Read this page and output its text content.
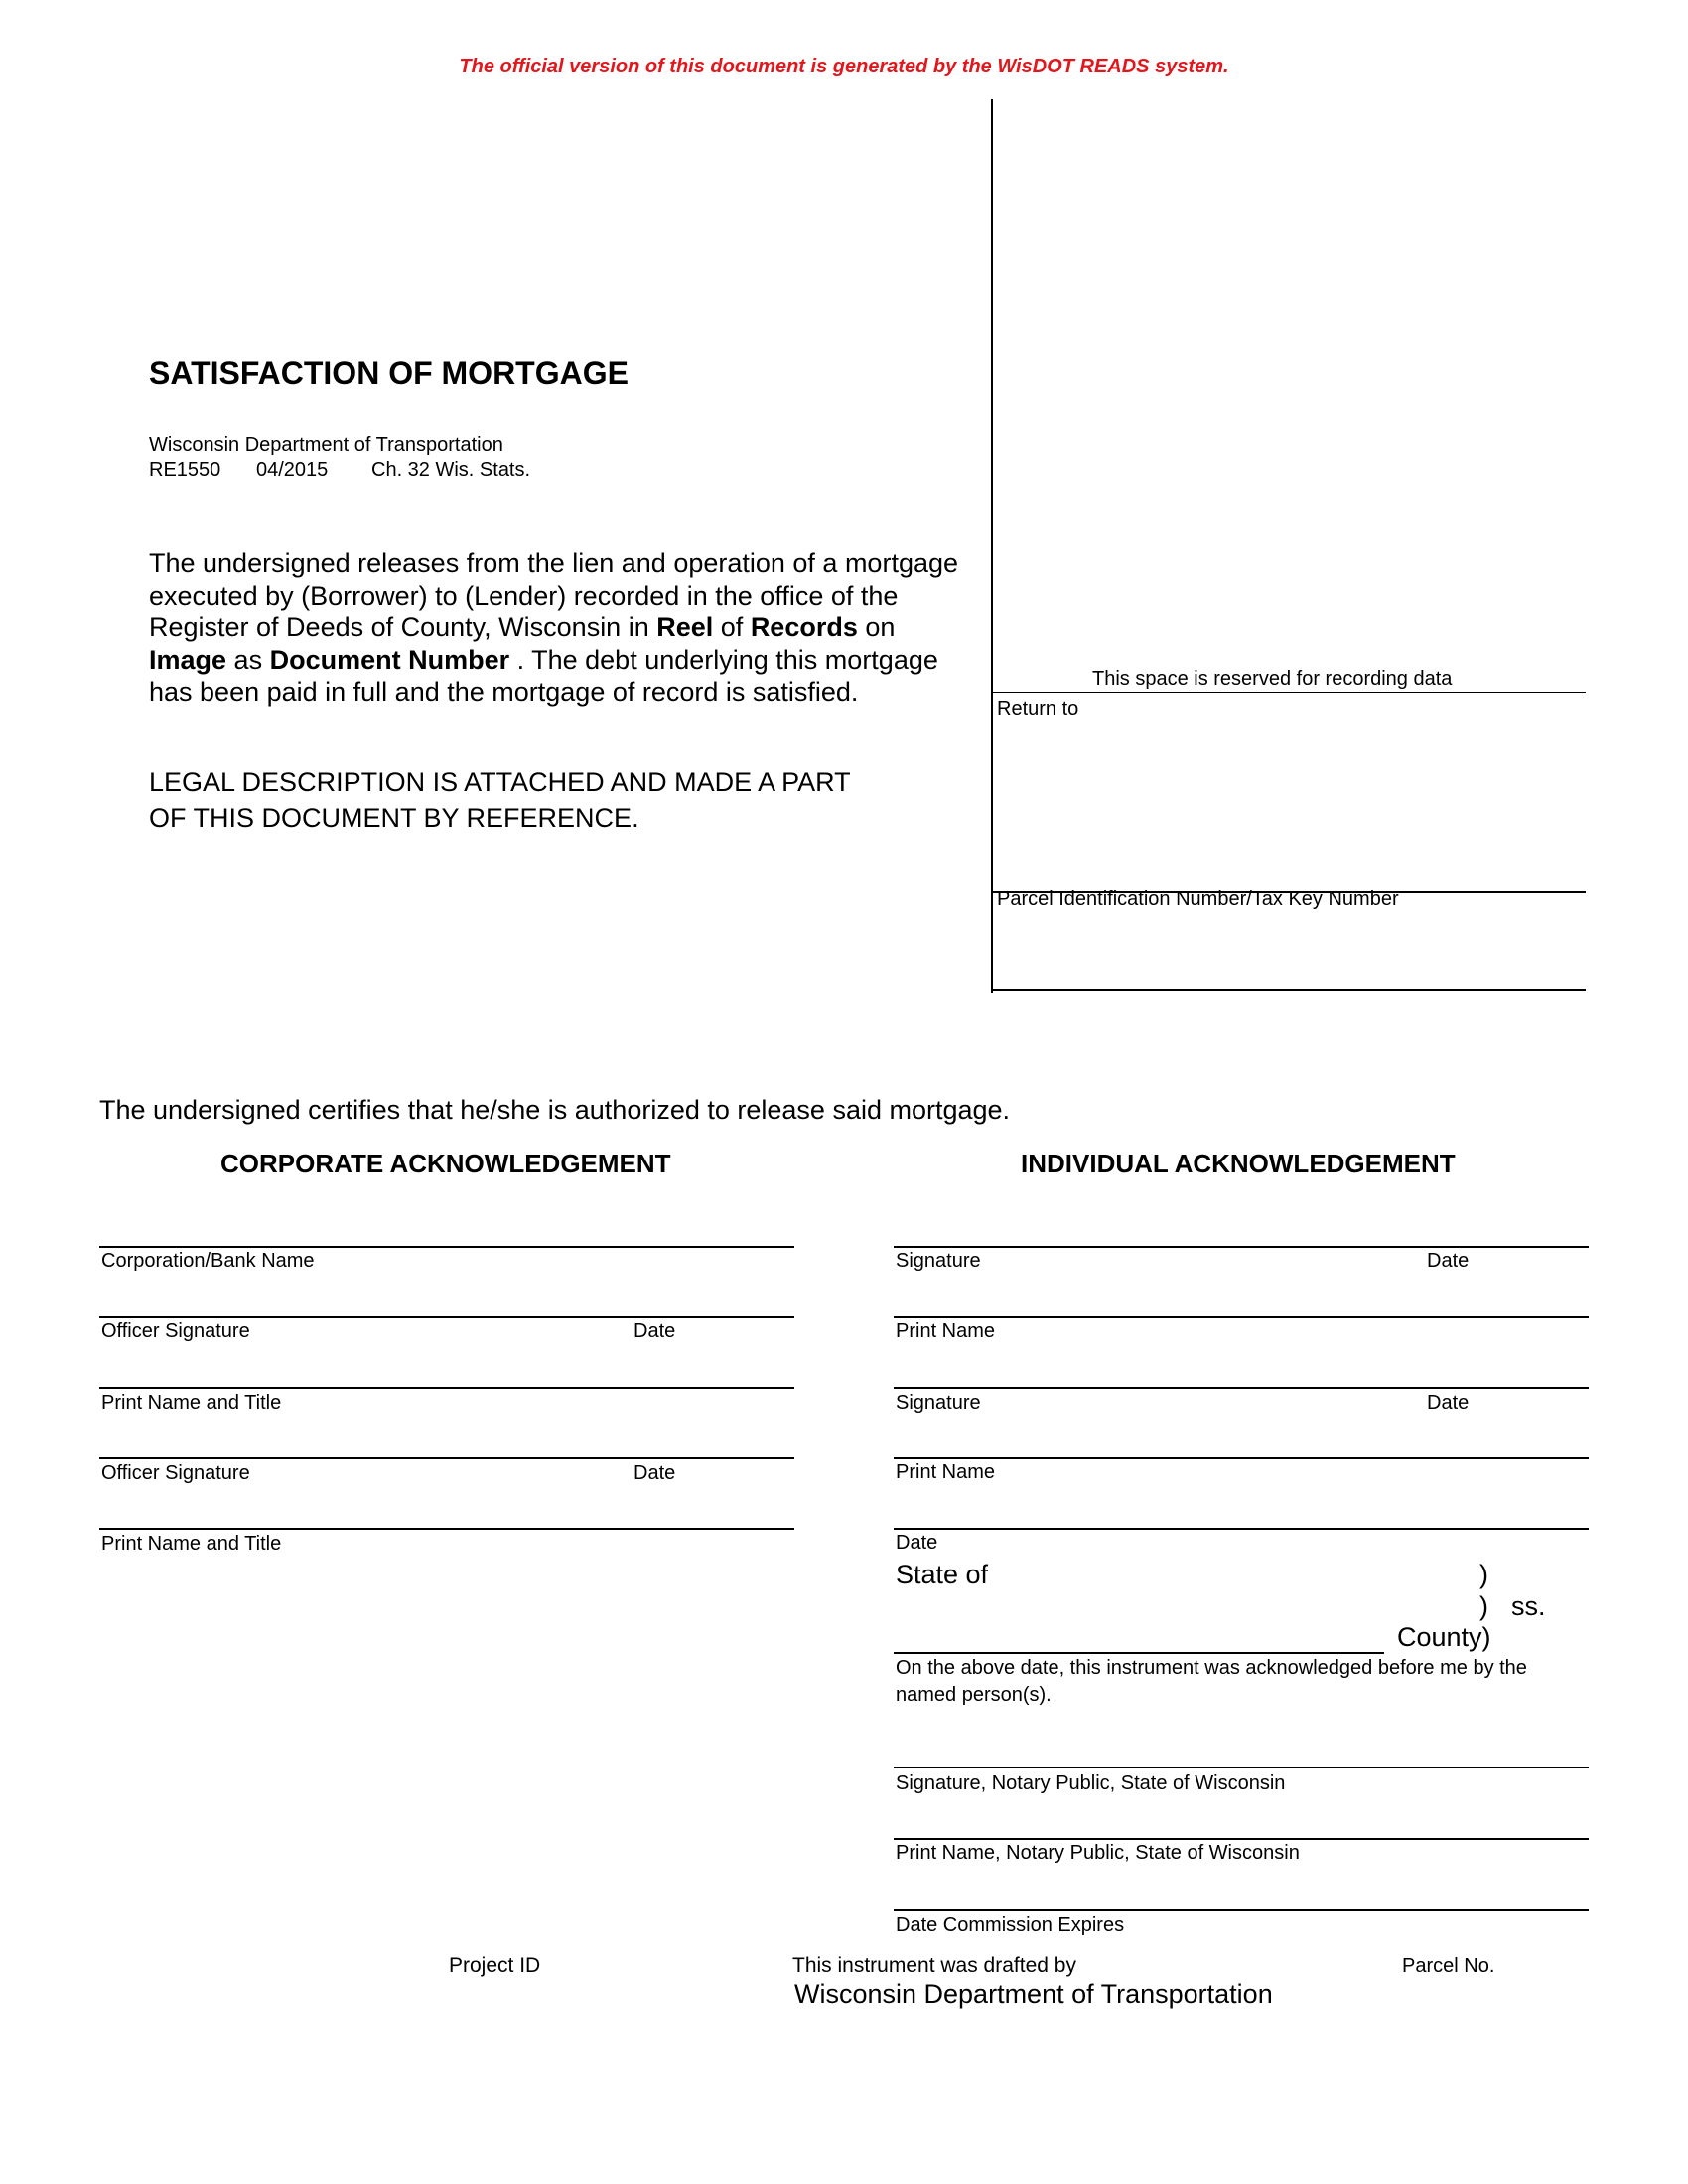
The official version of this document is generated by the WisDOT READS system.
SATISFACTION OF MORTGAGE
Wisconsin Department of Transportation
RE1550 04/2015 Ch. 32 Wis. Stats.
The undersigned releases from the lien and operation of a mortgage executed by (Borrower) to (Lender) recorded in the office of the Register of Deeds of County, Wisconsin in Reel of Records on Image as Document Number . The debt underlying this mortgage has been paid in full and the mortgage of record is satisfied.
LEGAL DESCRIPTION IS ATTACHED AND MADE A PART
OF THIS DOCUMENT BY REFERENCE.
This space is reserved for recording data
Return to
Parcel Identification Number/Tax Key Number
The undersigned certifies that he/she is authorized to release said mortgage.
CORPORATE ACKNOWLEDGEMENT	INDIVIDUAL ACKNOWLEDGEMENT
Corporation/Bank Name
Officer Signature	Date
Print Name and Title
Officer Signature	Date
Print Name and Title
Signature	Date
Print Name
Signature	Date
Print Name
Date
State of	)
) ss.
County)
On the above date, this instrument was acknowledged before me by the named person(s).
Signature, Notary Public, State of Wisconsin
Print Name, Notary Public, State of Wisconsin
Date Commission Expires
Project ID	This instrument was drafted by
Wisconsin Department of Transportation
Parcel No.
